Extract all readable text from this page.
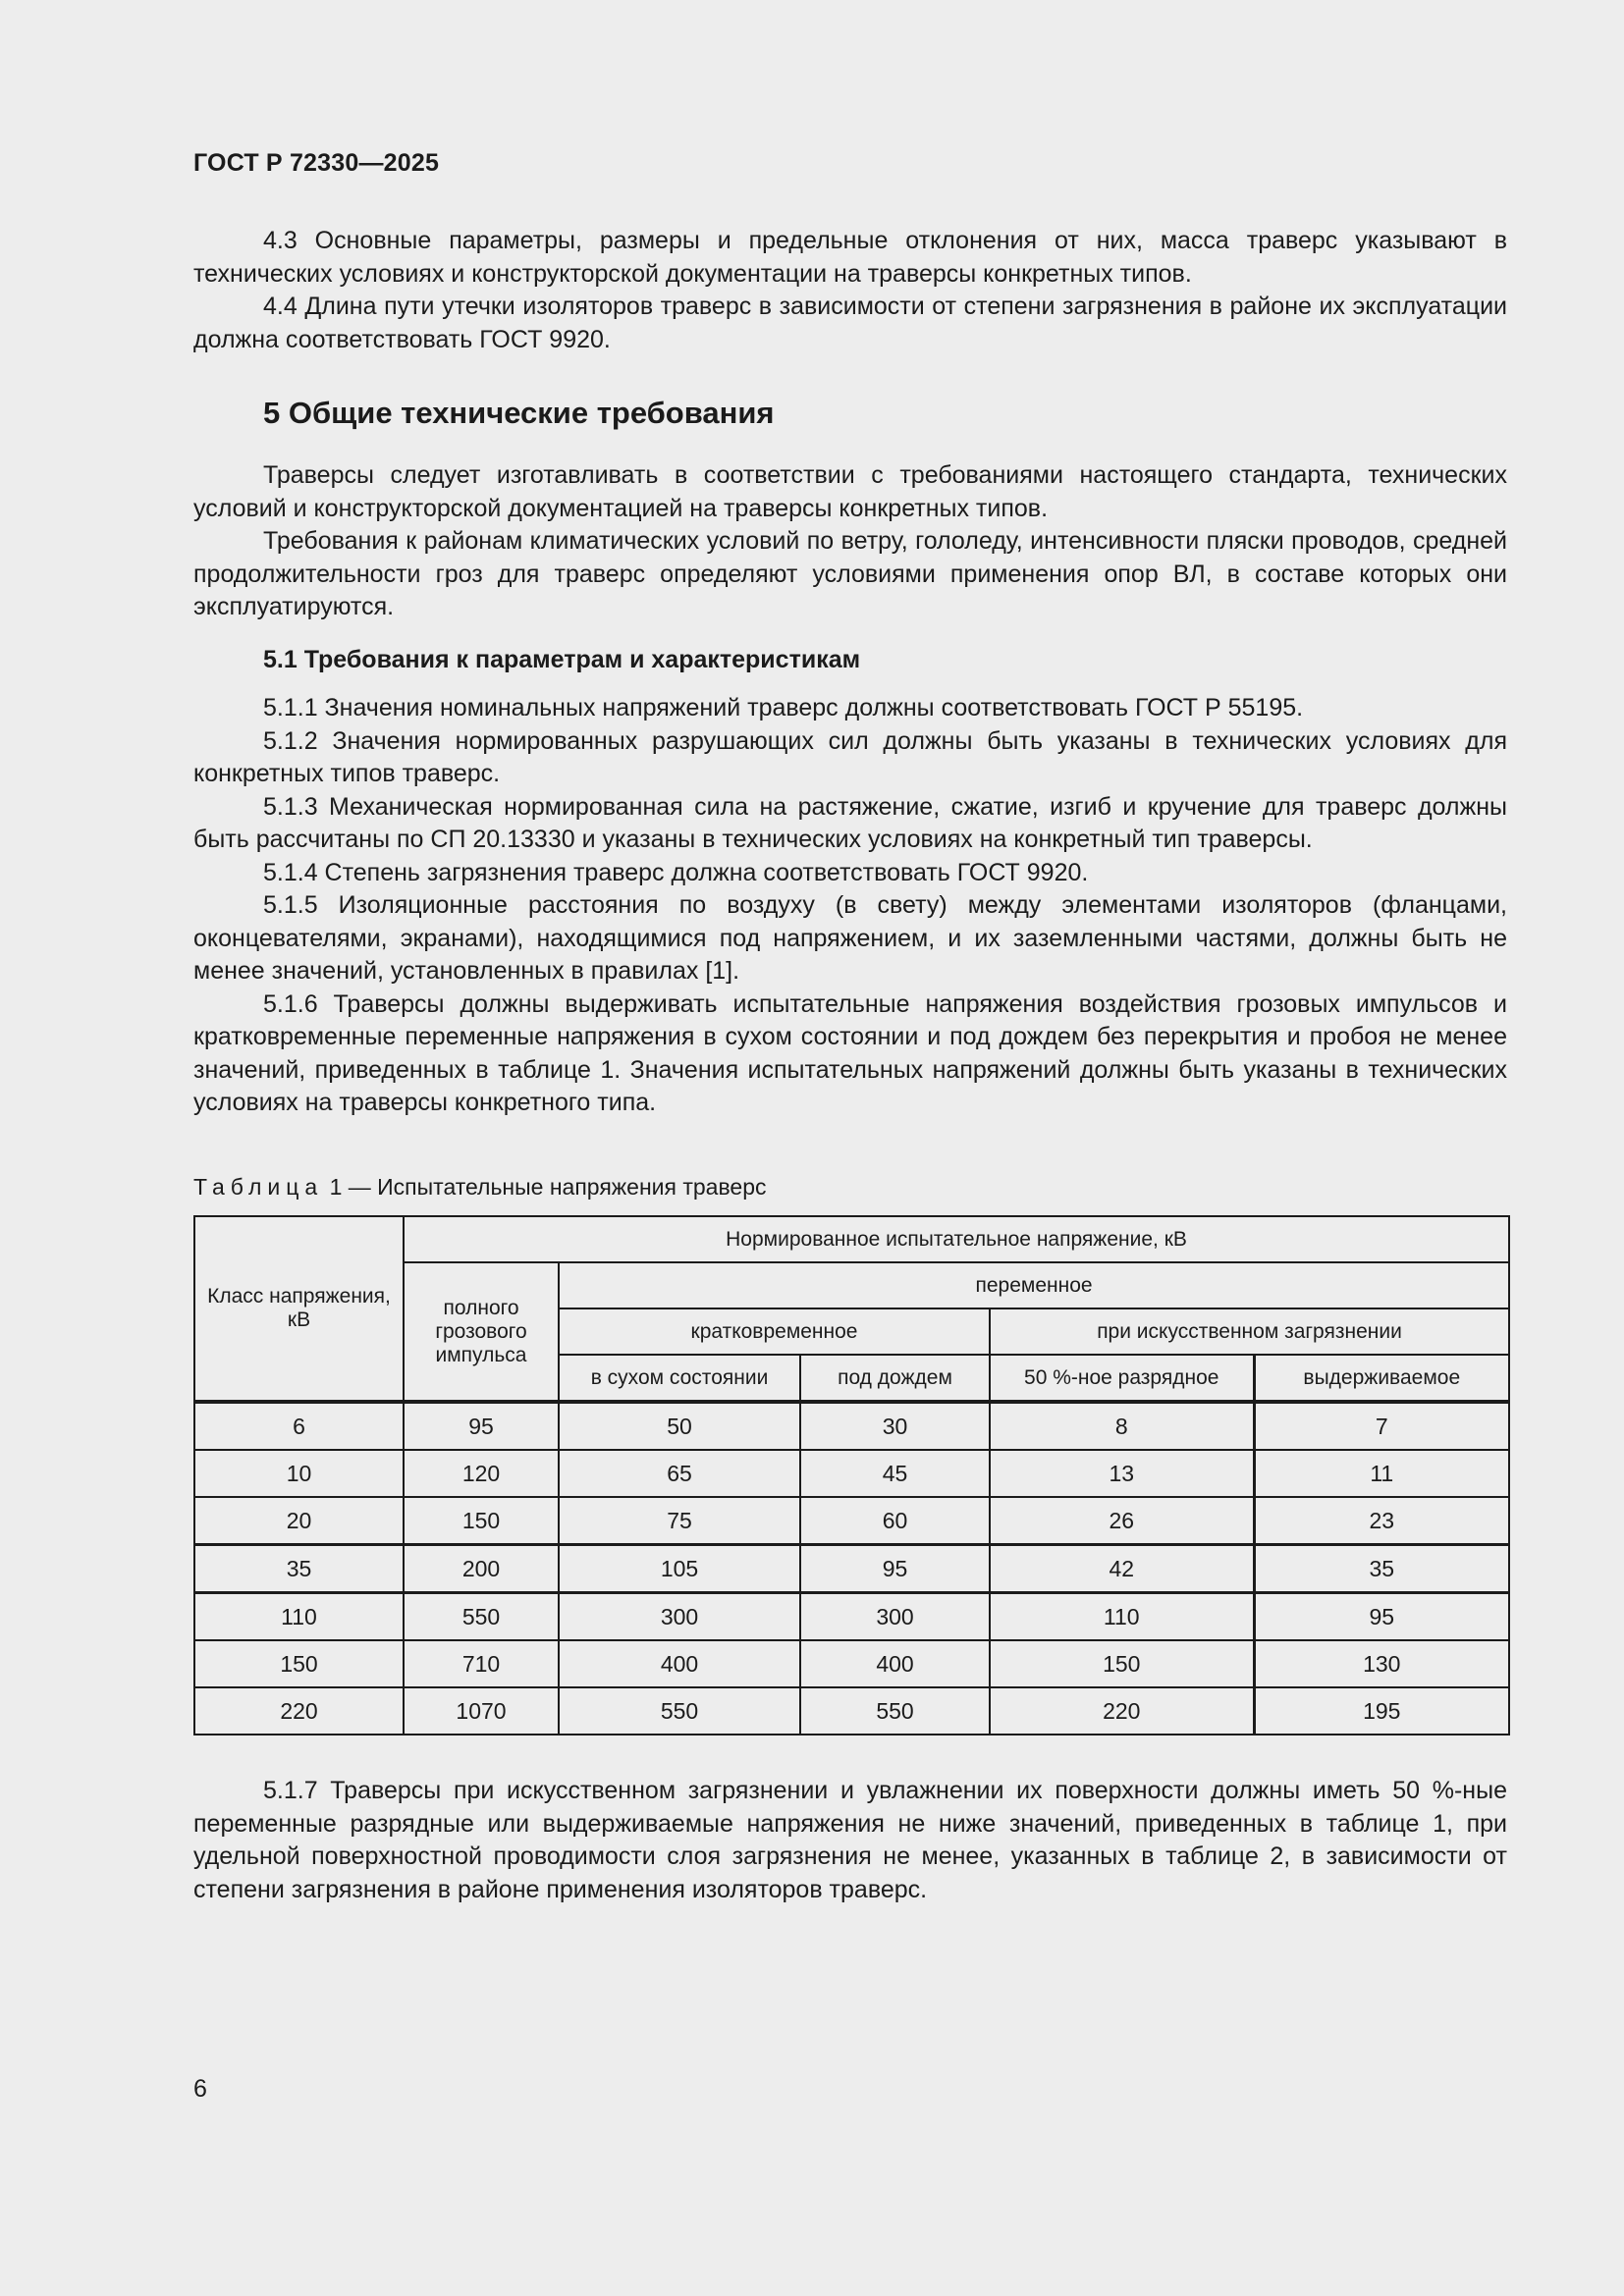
ГОСТ Р 72330—2025

4.3 Основные параметры, размеры и предельные отклонения от них, масса траверс указывают в технических условиях и конструкторской документации на траверсы конкретных типов.

4.4 Длина пути утечки изоляторов траверс в зависимости от степени загрязнения в районе их эксплуатации должна соответствовать ГОСТ 9920.

5 Общие технические требования

Траверсы следует изготавливать в соответствии с требованиями настоящего стандарта, технических условий и конструкторской документацией на траверсы конкретных типов.

Требования к районам климатических условий по ветру, гололеду, интенсивности пляски проводов, средней продолжительности гроз для траверс определяют условиями применения опор ВЛ, в составе которых они эксплуатируются.

5.1 Требования к параметрам и характеристикам

5.1.1 Значения номинальных напряжений траверс должны соответствовать ГОСТ Р 55195.

5.1.2 Значения нормированных разрушающих сил должны быть указаны в технических условиях для конкретных типов траверс.

5.1.3 Механическая нормированная сила на растяжение, сжатие, изгиб и кручение для траверс должны быть рассчитаны по СП 20.13330 и указаны в технических условиях на конкретный тип траверсы.

5.1.4 Степень загрязнения траверс должна соответствовать ГОСТ 9920.

5.1.5 Изоляционные расстояния по воздуху (в свету) между элементами изоляторов (фланцами, оконцевателями, экранами), находящимися под напряжением, и их заземленными частями, должны быть не менее значений, установленных в правилах [1].

5.1.6 Траверсы должны выдерживать испытательные напряжения воздействия грозовых импульсов и кратковременные переменные напряжения в сухом состоянии и под дождем без перекрытия и пробоя не менее значений, приведенных в таблице 1. Значения испытательных напряжений должны быть указаны в технических условиях на траверсы конкретного типа.

Таблица 1 — Испытательные напряжения траверс

Класс напряжения, кВ	Нормированное испытательное напряжение, кВ				
	полного грозового импульса	переменное			
		кратковременное		при искусственном загрязнении	
		в сухом состоянии	под дождем	50 %-ное разрядное	выдерживаемое
6	95	50	30	8	7
10	120	65	45	13	11
20	150	75	60	26	23
35	200	105	95	42	35
110	550	300	300	110	95
150	710	400	400	150	130
220	1070	550	550	220	195

5.1.7 Траверсы при искусственном загрязнении и увлажнении их поверхности должны иметь 50 %-ные переменные разрядные или выдерживаемые напряжения не ниже значений, приведенных в таблице 1, при удельной поверхностной проводимости слоя загрязнения не менее, указанных в таблице 2, в зависимости от степени загрязнения в районе применения изоляторов траверс.

6
